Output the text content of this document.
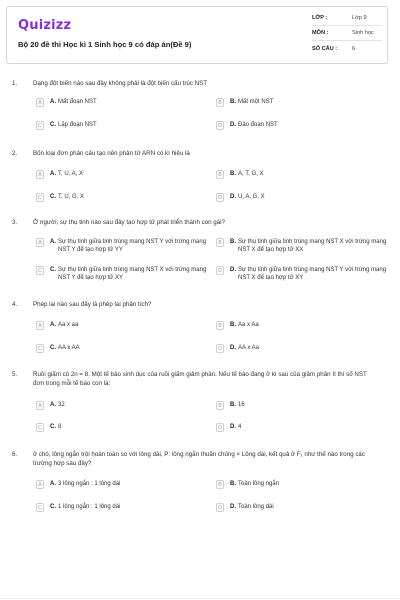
Quizizz
Bộ 20 đề thi Học kì 1 Sinh học 9 có đáp án(Đề 9)
LỚP :	Lớp 9
MÔN :	Sinh học
SỐ CÂU :	6
1.	Dạng đột biến nào sau đây không phải là đột biến cấu trúc NST
A	A. Mất đoạn NST	B	B. Mất một NST
C	C. Lặp đoạn NST	D	D. Đảo đoạn NST
2.	Bốn loại đơn phân cấu tạo nên phân tử ARN có kí hiệu là
A	A. T, U, A, X	B	B. A, T, G, X
C	C. T, U, G, X	D	D. U, A, G, X
3.	Ở người, sự thụ tinh nào sau đây tạo hợp tử phát triển thành con gái?
A	A. Sự thụ tinh giữa tinh trùng mang NST Y với trứng mang NST Y để tạo hợp tử YY
B	B. Sự thụ tinh giữa tinh trùng mang NST X với trứng mang NST X để tạo hợp tử XX
C	C. Sự thụ tinh giữa tinh trùng mang NST X với trứng mang NST Y để tạo hợp tử XY
D	D. Sự thụ tinh giữa tinh trùng mang NST Y với trứng mang NST X để tạo hợp tử XY
4.	Phép lai nào sau đây là phép lai phân tích?
A	A. Aa x aa	B	B. Aa x Aa
C	C. AA x AA	D	D. AA x Aa
5.	Ruồi giấm có 2n = 8. Một tế bào sinh dục của ruồi giấm giảm phân. Nếu tế bào đang ở kì sau của giảm phân II thì số NST đơn trong mỗi tế bào con là:
A	A. 32	B	B. 16
C	C. 8	D	D. 4
6.	ở chó, lông ngắn trội hoàn toàn so với lông dài, P: lông ngắn thuần chủng × Lông dài, kết quả ở F₁ như thế nào trong các trường hợp sau đây?
A	A. 3 lông ngắn : 1 lông dài	B	B. Toàn lông ngắn
C	C. 1 lông ngắn : 1 lông dài	D	D. Toàn lông dài
